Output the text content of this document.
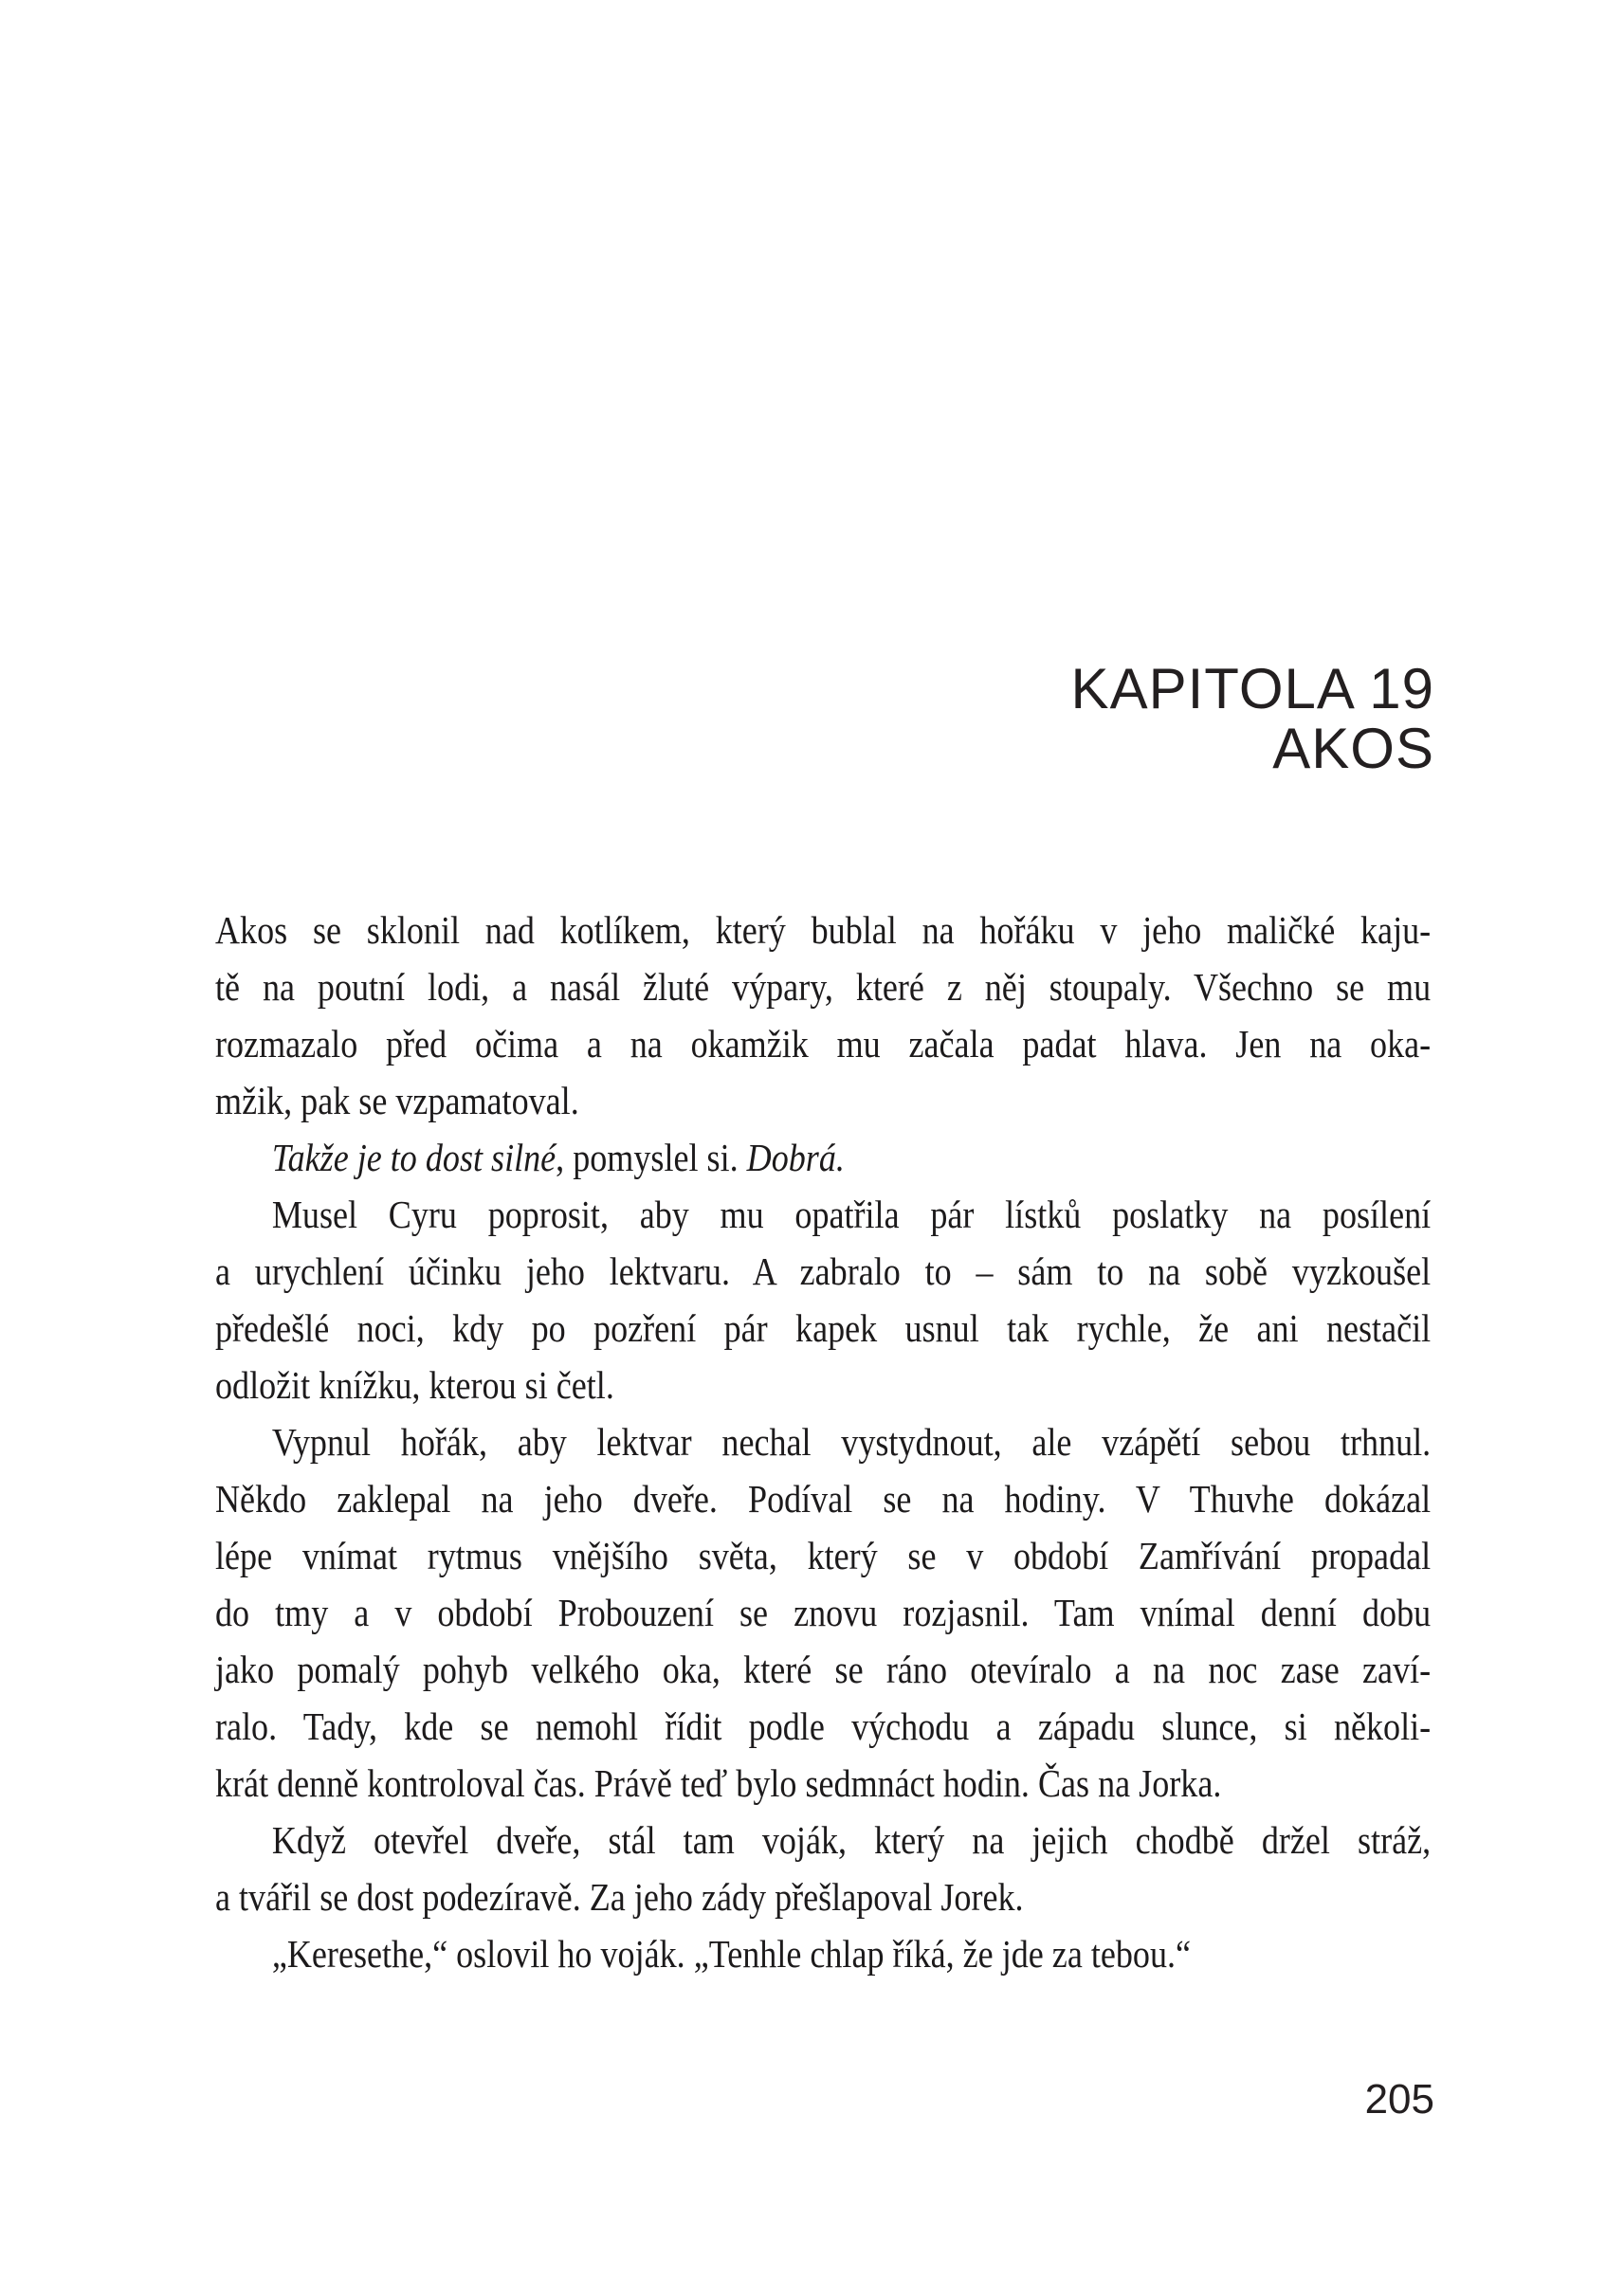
KAPITOLA 19
AKOS
Akos se sklonil nad kotlíkem, který bublal na hořáku v jeho maličké kaju-
tě na poutní lodi, a nasál žluté výpary, které z něj stoupaly. Všechno se mu
rozmazalo před očima a na okamžik mu začala padat hlava. Jen na oka-
mžik, pak se vzpamatoval.
Takže je to dost silné, pomyslel si. Dobrá.
Musel Cyru poprosit, aby mu opatřila pár lístků poslatky na posílení
a urychlení účinku jeho lektvaru. A zabralo to – sám to na sobě vyzkoušel
předešlé noci, kdy po pozření pár kapek usnul tak rychle, že ani nestačil
odložit knížku, kterou si četl.
Vypnul hořák, aby lektvar nechal vystydnout, ale vzápětí sebou trhnul.
Někdo zaklepal na jeho dveře. Podíval se na hodiny. V Thuvhe dokázal
lépe vnímat rytmus vnějšího světa, který se v období Zamřívání propadal
do tmy a v období Probouzení se znovu rozjasnil. Tam vnímal denní dobu
jako pomalý pohyb velkého oka, které se ráno otevíralo a na noc zase zaví-
ralo. Tady, kde se nemohl řídit podle východu a západu slunce, si několi-
krát denně kontroloval čas. Právě teď bylo sedmnáct hodin. Čas na Jorka.
Když otevřel dveře, stál tam voják, který na jejich chodbě držel stráž,
a tvářil se dost podezíravě. Za jeho zády přešlapoval Jorek.
„Keresethe,“ oslovil ho voják. „Tenhle chlap říká, že jde za tebou.“
205
